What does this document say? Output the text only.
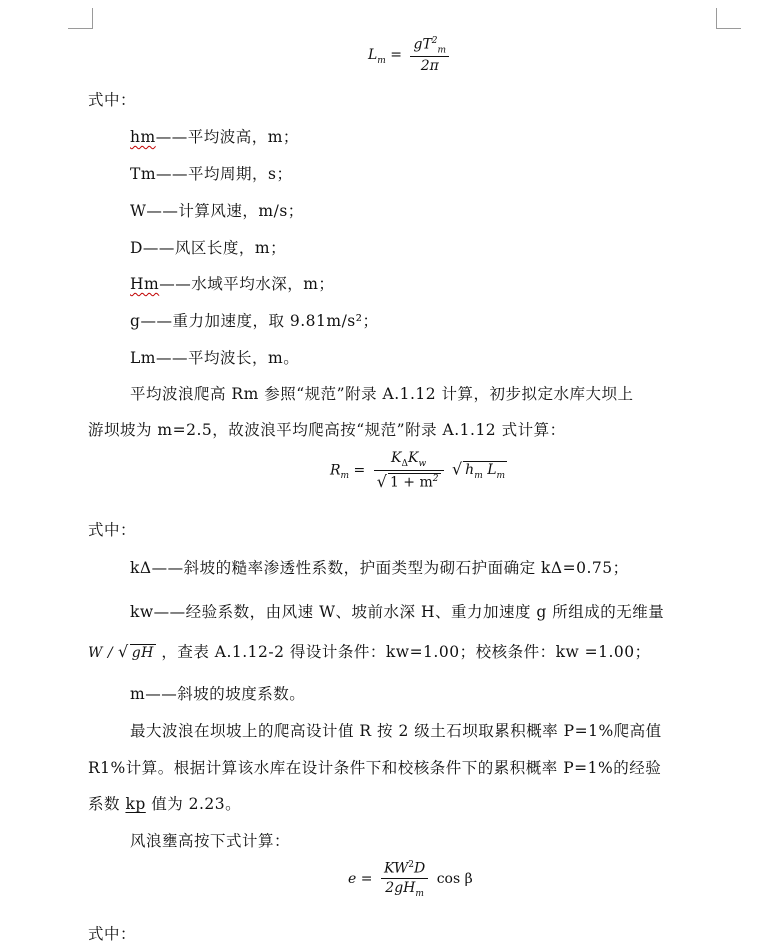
$L_m = \frac{gT^2_m}{2\pi}$
式中：
hm——平均波高，m；
Tm——平均周期，s；
W——计算风速，m/s；
D——风区长度，m；
Hm——水域平均水深，m；
g——重力加速度，取 9.81m/s²；
Lm——平均波长，m。
平均波浪爬高 Rm 参照“规范”附录 A.1.12 计算，初步拟定水库大坝上
游坝坡为 m=2.5，故波浪平均爬高按“规范”附录 A.1.12 式计算：
$R_m = \frac{K_\Delta K_w}{√ 1 + m^2}$ √ $h_m$ $L_m$
式中：
kΔ——斜坡的糙率渗透性系数，护面类型为砌石护面确定 kΔ=0.75；
kw——经验系数，由风速 W、坡前水深 H、重力加速度 g 所组成的无维量
W / √ gH ，查表 A.1.12-2 得设计条件：kw=1.00；校核条件：kw =1.00；
m——斜坡的坡度系数。
最大波浪在坝坡上的爬高设计值 R 按 2 级土石坝取累积概率 P=1%爬高值
R1%计算。根据计算该水库在设计条件下和校核条件下的累积概率 P=1%的经验
系数 kp 值为 2.23。
风浪壅高按下式计算：
$e = \frac{KW^2D}{2gH_m}$ cos β
式中：
